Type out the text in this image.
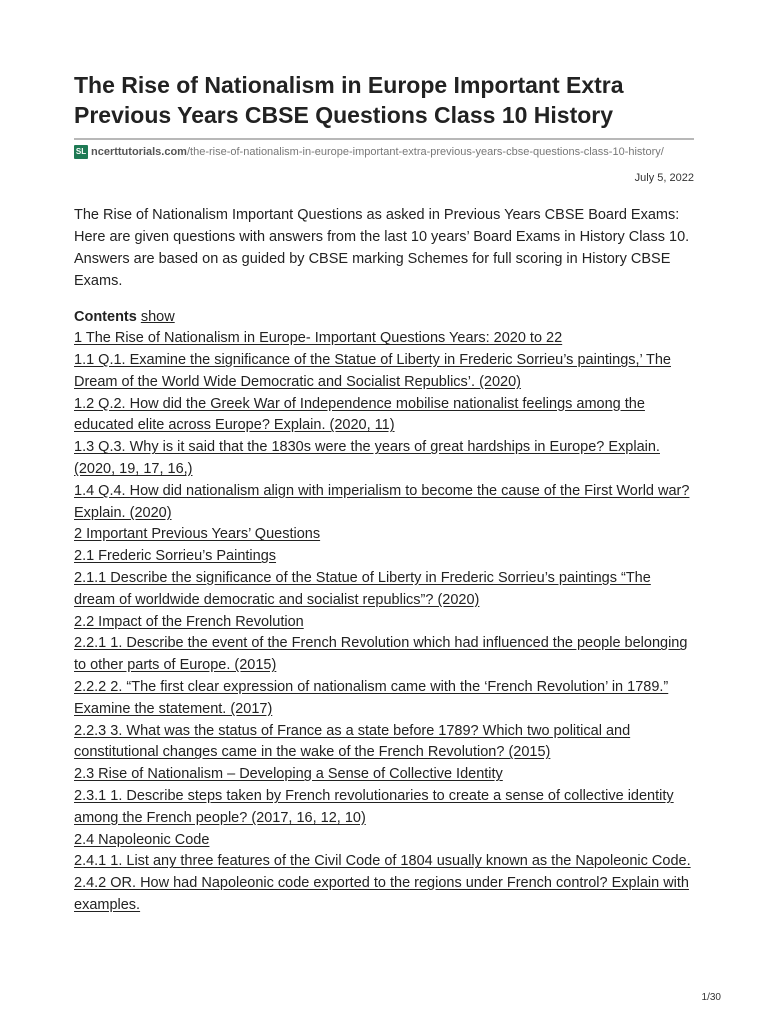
The Rise of Nationalism in Europe Important Extra Previous Years CBSE Questions Class 10 History
SL ncerttutorials.com /the-rise-of-nationalism-in-europe-important-extra-previous-years-cbse-questions-class-10-history/
July 5, 2022

The Rise of Nationalism Important Questions as asked in Previous Years CBSE Board Exams: Here are given questions with answers from the last 10 years’ Board Exams in History Class 10. Answers are based on as guided by CBSE marking Schemes for full scoring in History CBSE Exams.

Contents show
1 The Rise of Nationalism in Europe- Important Questions Years: 2020 to 22
1.1 Q.1. Examine the significance of the Statue of Liberty in Frederic Sorrieu’s paintings,’ The Dream of the World Wide Democratic and Socialist Republics’. (2020)
1.2 Q.2. How did the Greek War of Independence mobilise nationalist feelings among the educated elite across Europe? Explain. (2020, 11)
1.3 Q.3. Why is it said that the 1830s were the years of great hardships in Europe? Explain. (2020, 19, 17, 16,)
1.4 Q.4. How did nationalism align with imperialism to become the cause of the First World war? Explain. (2020)
2 Important Previous Years’ Questions
2.1 Frederic Sorrieu’s Paintings
2.1.1 Describe the significance of the Statue of Liberty in Frederic Sorrieu’s paintings “The dream of worldwide democratic and socialist republics”? (2020)
2.2 Impact of the French Revolution
2.2.1 1. Describe the event of the French Revolution which had influenced the people belonging to other parts of Europe. (2015)
2.2.2 2. “The first clear expression of nationalism came with the ‘French Revolution’ in 1789.” Examine the statement. (2017)
2.2.3 3. What was the status of France as a state before 1789? Which two political and constitutional changes came in the wake of the French Revolution? (2015)
2.3 Rise of Nationalism – Developing a Sense of Collective Identity
2.3.1 1. Describe steps taken by French revolutionaries to create a sense of collective identity among the French people? (2017, 16, 12, 10)
2.4 Napoleonic Code
2.4.1 1. List any three features of the Civil Code of 1804 usually known as the Napoleonic Code.
2.4.2 OR. How had Napoleonic code exported to the regions under French control? Explain with examples.
1/30
